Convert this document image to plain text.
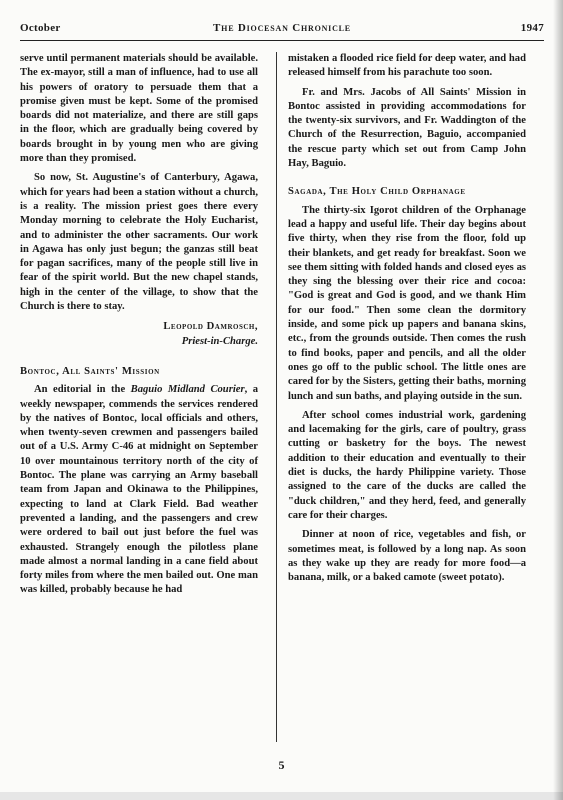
October	The Diocesan Chronicle	1947

serve until permanent materials should be available. The ex-mayor, still a man of influence, had to use all his powers of oratory to persuade them that a promise given must be kept. Some of the promised boards did not materialize, and there are still gaps in the floor, which are gradually being covered by boards brought in by young men who are giving more than they promised.

So now, St. Augustine's of Canterbury, Agawa, which for years had been a station without a church, is a reality. The mission priest goes there every Monday morning to celebrate the Holy Eucharist, and to administer the other sacraments. Our work in Agawa has only just begun; the ganzas still beat for pagan sacrifices, many of the people still live in fear of the spirit world. But the new chapel stands, high in the center of the village, to show that the Church is there to stay.

Leopold Damrosch,

Priest-in-Charge.

Bontoc, All Saints' Mission

An editorial in the Baguio Midland Courier, a weekly newspaper, commends the services rendered by the natives of Bontoc, local officials and others, when twenty-seven crewmen and passengers bailed out of a U.S. Army C-46 at midnight on September 10 over mountainous territory north of the city of Bontoc. The plane was carrying an Army baseball team from Japan and Okinawa to the Philippines, expecting to land at Clark Field. Bad weather prevented a landing, and the passengers and crew were ordered to bail out just before the fuel was exhausted. Strangely enough the pilotless plane made almost a normal landing in a cane field about forty miles from where the men bailed out. One man was killed, probably because he had

mistaken a flooded rice field for deep water, and had released himself from his parachute too soon.

Fr. and Mrs. Jacobs of All Saints' Mission in Bontoc assisted in providing accommodations for the twenty-six survivors, and Fr. Waddington of the Church of the Resurrection, Baguio, accompanied the rescue party which set out from Camp John Hay, Baguio.

Sagada, The Holy Child Orphanage

The thirty-six Igorot children of the Orphanage lead a happy and useful life. Their day begins about five thirty, when they rise from the floor, fold up their blankets, and get ready for breakfast. Soon we see them sitting with folded hands and closed eyes as they sing the blessing over their rice and cocoa: "God is great and God is good, and we thank Him for our food." Then some clean the dormitory inside, and some pick up papers and banana skins, etc., from the grounds outside. Then comes the rush to find books, paper and pencils, and all the older ones go off to the public school. The little ones are cared for by the Sisters, getting their baths, morning lunch and sun baths, and playing outside in the sun.

After school comes industrial work, gardening and lacemaking for the girls, care of poultry, grass cutting or basketry for the boys. The newest addition to their education and eventually to their diet is ducks, the hardy Philippine variety. Those assigned to the care of the ducks are called the "duck children," and they herd, feed, and generally care for their charges.

Dinner at noon of rice, vegetables and fish, or sometimes meat, is followed by a long nap. As soon as they wake up they are ready for more food—a banana, milk, or a baked camote (sweet potato).

5
